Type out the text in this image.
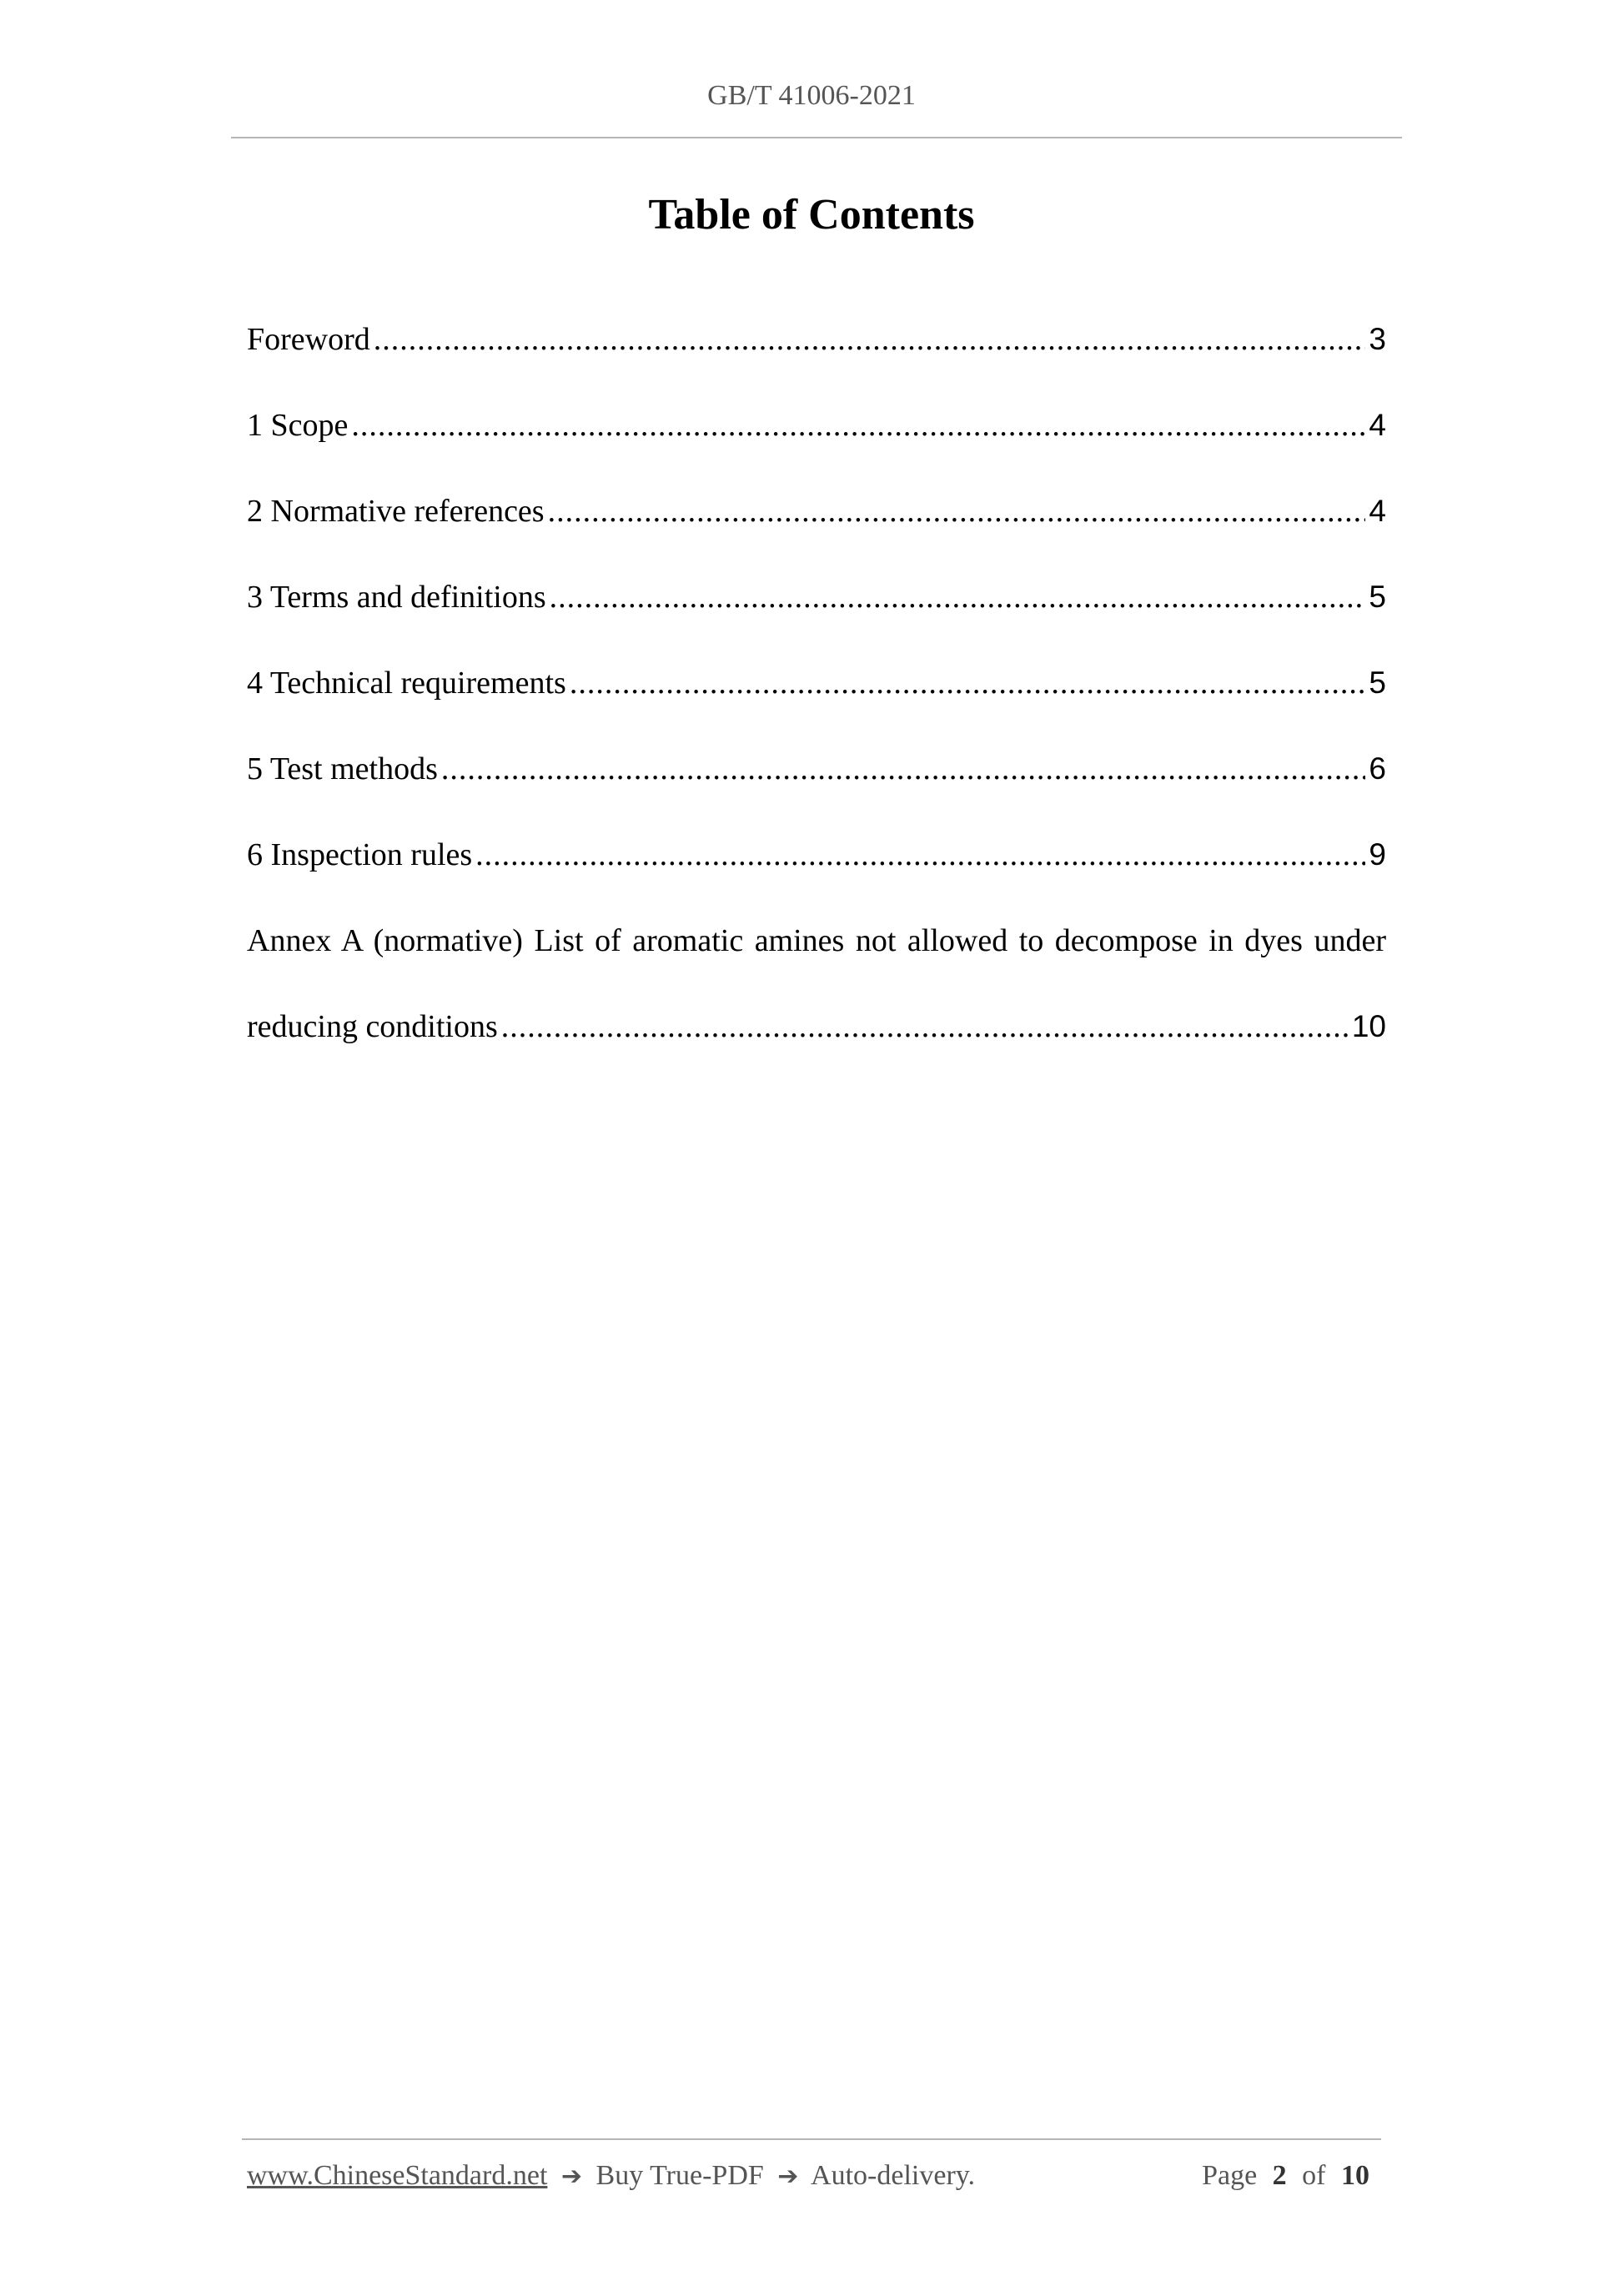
GB/T 41006-2021
Table of Contents
Foreword .....	3
1 Scope .....	4
2 Normative references .....	4
3 Terms and definitions .....	5
4 Technical requirements .....	5
5 Test methods .....	6
6 Inspection rules .....	9
Annex A (normative) List of aromatic amines not allowed to decompose in dyes under
reducing conditions .....	10
www.ChineseStandard.net ➔ Buy True-PDF ➔ Auto-delivery.	Page 2 of 10
